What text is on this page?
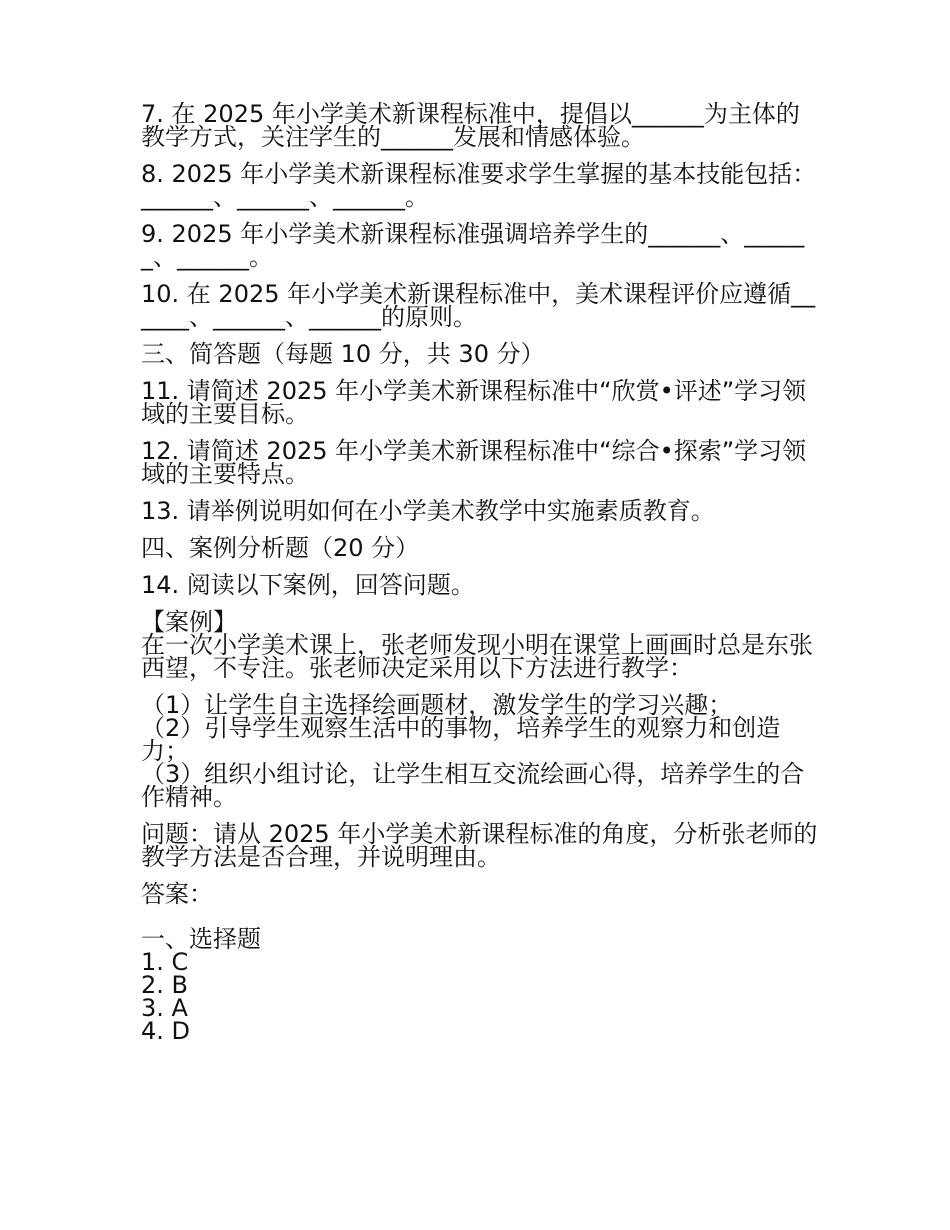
7. 在 2025 年小学美术新课程标准中，提倡以______为主体的教学方式，关注学生的______发展和情感体验。

8. 2025 年小学美术新课程标准要求学生掌握的基本技能包括：______、______、______。

9. 2025 年小学美术新课程标准强调培养学生的______、______、______。

10. 在 2025 年小学美术新课程标准中，美术课程评价应遵循______、______、______的原则。

三、简答题（每题 10 分，共 30 分）

11. 请简述 2025 年小学美术新课程标准中“欣赏•评述”学习领域的主要目标。

12. 请简述 2025 年小学美术新课程标准中“综合•探索”学习领域的主要特点。

13. 请举例说明如何在小学美术教学中实施素质教育。

四、案例分析题（20 分）

14. 阅读以下案例，回答问题。

【案例】

在一次小学美术课上，张老师发现小明在课堂上画画时总是东张西望，不专注。张老师决定采用以下方法进行教学：

（1）让学生自主选择绘画题材，激发学生的学习兴趣；

（2）引导学生观察生活中的事物，培养学生的观察力和创造力；

（3）组织小组讨论，让学生相互交流绘画心得，培养学生的合作精神。

问题：请从 2025 年小学美术新课程标准的角度，分析张老师的教学方法是否合理，并说明理由。

答案：

一、选择题

1. C

2. B

3. A

4. D
